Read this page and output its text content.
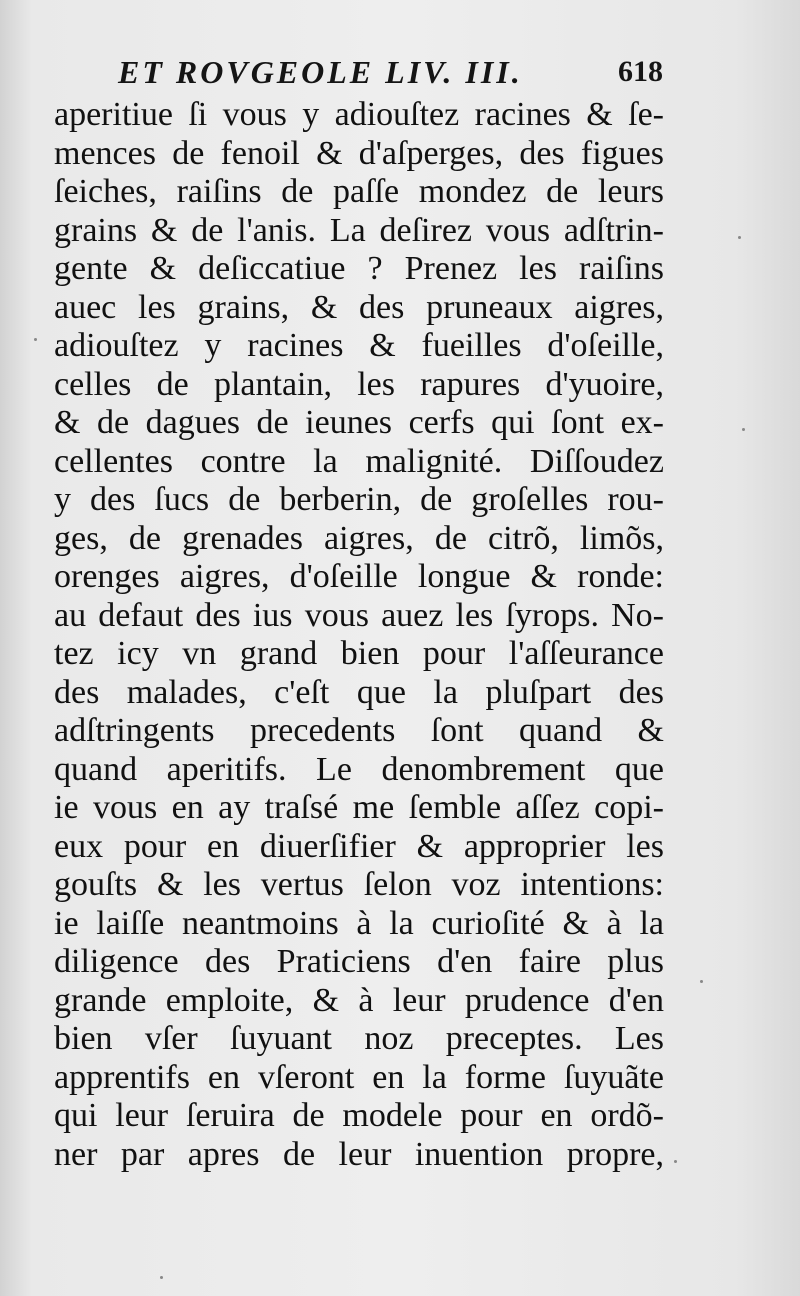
ET ROVGEOLE LIV. III.	618
aperitiue ſi vous y adiouſtez racines & ſe-
mences de fenoil & d'aſperges, des figues
ſeiches, raiſins de paſſe mondez de leurs
grains & de l'anis. La deſirez vous adſtrin-
gente & deſiccatiue ? Prenez les raiſins
auec les grains, & des pruneaux aigres,
adiouſtez y racines & fueilles d'oſeille,
celles de plantain, les rapures d'yuoire,
& de dagues de ieunes cerfs qui ſont ex-
cellentes contre la malignité. Diſſoudez
y des ſucs de berberin, de groſelles rou-
ges, de grenades aigres, de citrõ, limõs,
orenges aigres, d'oſeille longue & ronde:
au defaut des ius vous auez les ſyrops. No-
tez icy vn grand bien pour l'aſſeurance
des malades, c'eſt que la pluſpart des
adſtringents precedents ſont quand &
quand aperitifs. Le denombrement que
ie vous en ay traſsé me ſemble aſſez copi-
eux pour en diuerſifier & approprier les
gouſts & les vertus ſelon voz intentions:
ie laiſſe neantmoins à la curioſité & à la
diligence des Praticiens d'en faire plus
grande emploite, & à leur prudence d'en
bien vſer ſuyuant noz preceptes. Les
apprentifs en vſeront en la forme ſuyuãte
qui leur ſeruira de modele pour en ordõ-
ner par apres de leur inuention propre,
